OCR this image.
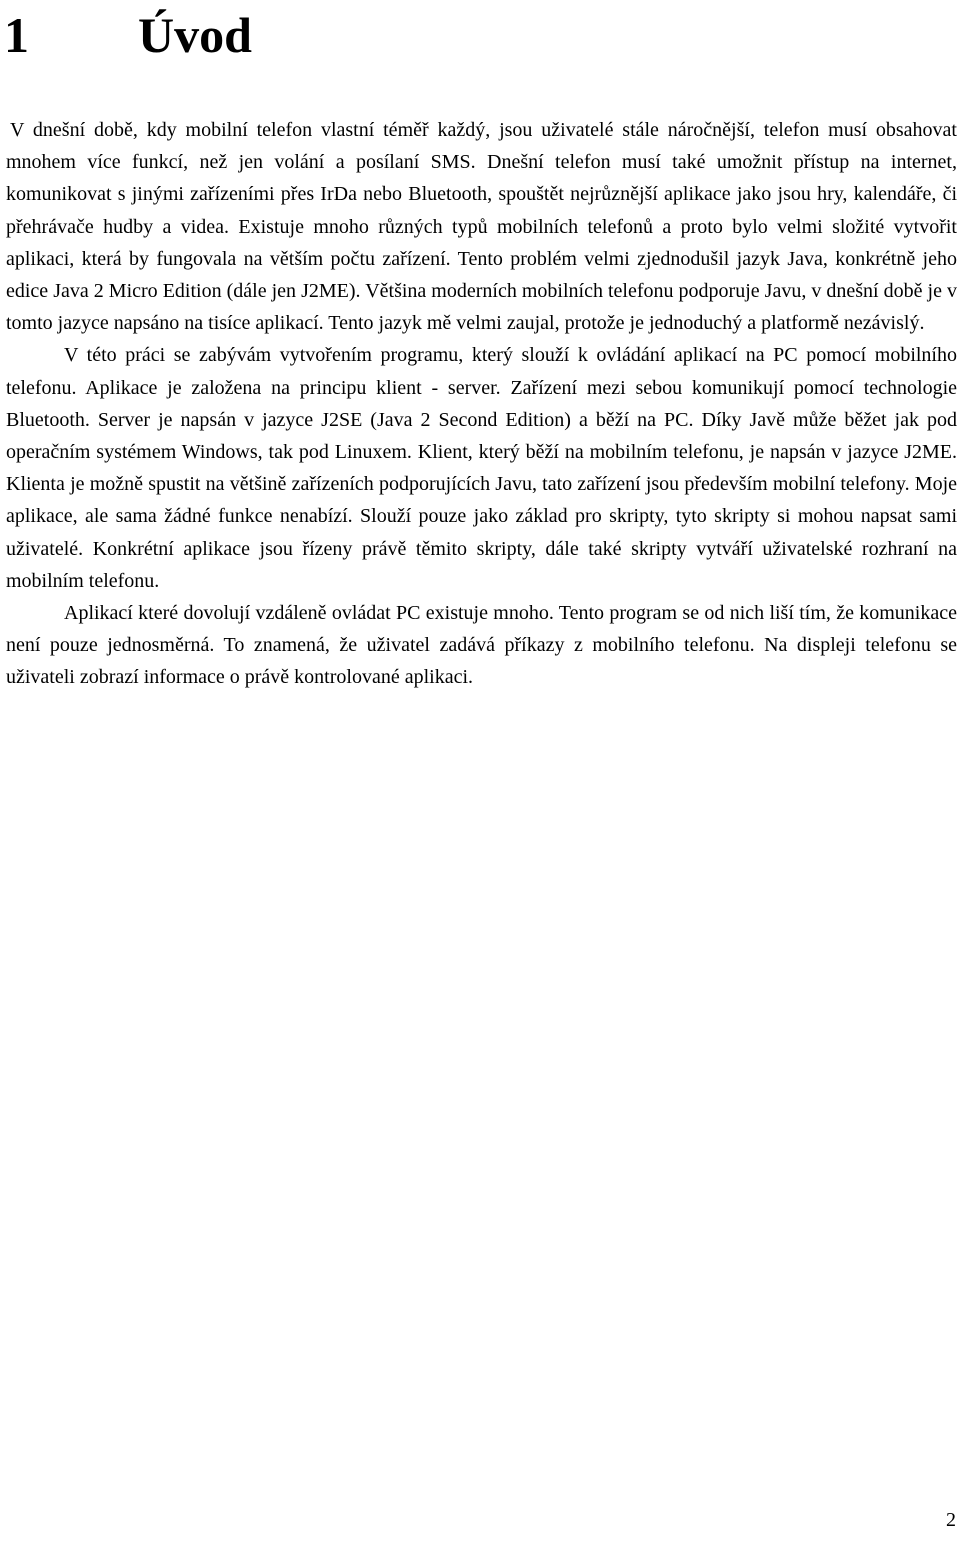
1 Úvod

V dnešní době, kdy mobilní telefon vlastní téměř každý, jsou uživatelé stále náročnější, telefon musí obsahovat mnohem více funkcí, než jen volání a posílaní SMS. Dnešní telefon musí také umožnit přístup na internet, komunikovat s jinými zařízeními přes IrDa nebo Bluetooth, spouštět nejrůznější aplikace jako jsou hry, kalendáře, či přehrávače hudby a videa. Existuje mnoho různých typů mobilních telefonů a proto bylo velmi složité vytvořit aplikaci, která by fungovala na větším počtu zařízení. Tento problém velmi zjednodušil jazyk Java, konkrétně jeho edice Java 2 Micro Edition (dále jen J2ME). Většina moderních mobilních telefonu podporuje Javu, v dnešní době je v tomto jazyce napsáno na tisíce aplikací. Tento jazyk mě velmi zaujal, protože je jednoduchý a platformě nezávislý.

V této práci se zabývám vytvořením programu, který slouží k ovládání aplikací na PC pomocí mobilního telefonu. Aplikace je založena na principu klient - server. Zařízení mezi sebou komunikují pomocí technologie Bluetooth. Server je napsán v jazyce J2SE (Java 2 Second Edition) a běží na PC. Díky Javě může běžet jak pod operačním systémem Windows, tak pod Linuxem. Klient, který běží na mobilním telefonu, je napsán v jazyce J2ME. Klienta je možně spustit na většině zařízeních podporujících Javu, tato zařízení jsou především mobilní telefony. Moje aplikace, ale sama žádné funkce nenabízí. Slouží pouze jako základ pro skripty, tyto skripty si mohou napsat sami uživatelé. Konkrétní aplikace jsou řízeny právě těmito skripty, dále také skripty vytváří uživatelské rozhraní na mobilním telefonu.

Aplikací které dovolují vzdáleně ovládat PC existuje mnoho. Tento program se od nich liší tím, že komunikace není pouze jednosměrná. To znamená, že uživatel zadává příkazy z mobilního telefonu. Na displeji telefonu se uživateli zobrazí informace o právě kontrolované aplikaci.

2
